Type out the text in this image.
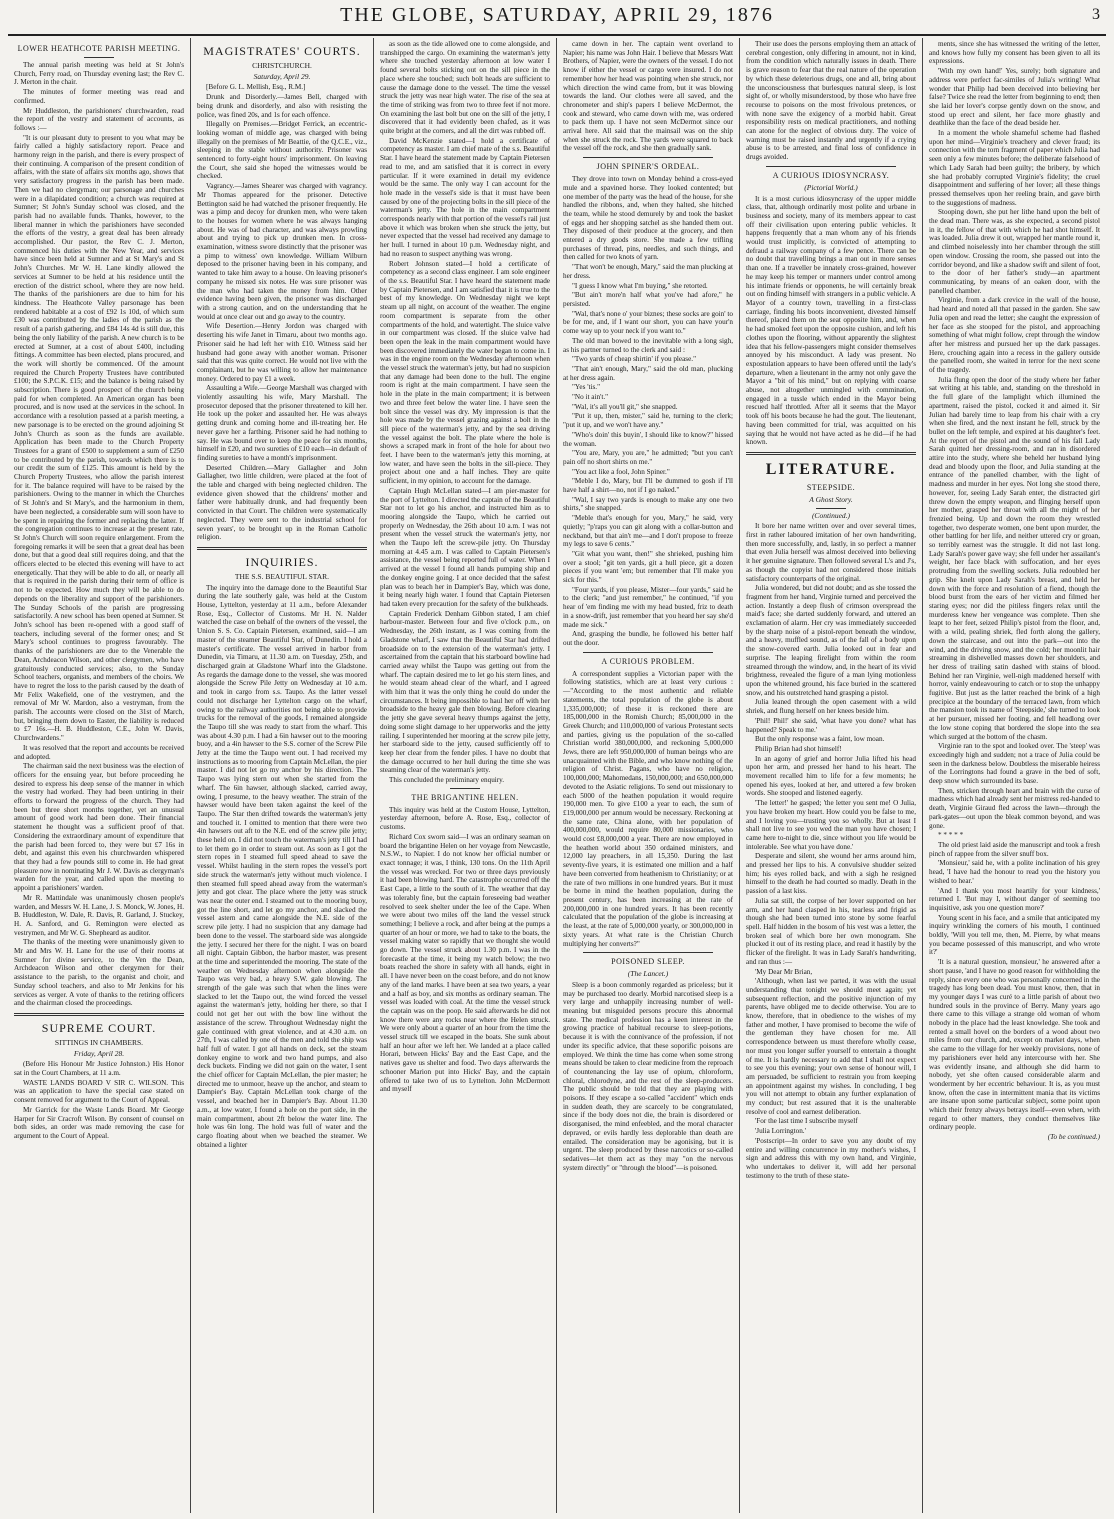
THE GLOBE, SATURDAY, APRIL 29, 1876	3
LOWER HEATHCOTE PARISH MEETING.

The annual parish meeting was held at St John's Church, Ferry road, on Thursday evening last; the Rev C. J. Merton in the chair.

The minutes of former meeting was read and confirmed.

Mr Huddleston, the parishioners' churchwarden, read the report of the vestry and statement of accounts, as follows :—

"It is our pleasant duty to present to you what may be fairly called a highly satisfactory report. Peace and harmony reign in the parish, and there is every prospect of their continuing. A comparison of the present condition of affairs, with the state of affairs six months ago, shows that very satisfactory progress in the parish has been made. Then we had no clergyman; our parsonage and churches were in a dilapidated condition; a church was required at Sumner; St John's Sunday school was closed, and the parish had no available funds. Thanks, however, to the liberal manner in which the parishioners have seconded the efforts of the vestry, a great deal has been already accomplished. Our pastor, the Rev C. J. Merton, commenced his duties with the New Year, and services have since been held at Sumner and at St Mary's and St John's Churches. Mr W. H. Lane kindly allowed the services at Sumner to be held at his residence until the erection of the district school, where they are now held. The thanks of the parishioners are due to him for his kindness. The Heathcote Valley parsonage has been rendered habitable at a cost of £92 1s 10d, of which sum £30 was contributed by the ladies of the parish as the result of a parish gathering, and £84 14s 4d is still due, this being the only liability of the parish. A new church is to be erected at Sumner, at a cost of about £400, including fittings. A committee has been elected, plans procured, and the work will shortly be commenced. Of the amount required the Church Property Trustees have contributed £100; the S.P.C.K. £15; and the balance is being raised by subscription. There is good prospect of the church being paid for when completed. An American organ has been procured, and is now used at the services in the school. In accordance with a resolution passed at a parish meeting, a new parsonage is to be erected on the ground adjoining St John's Church as soon as the funds are available. Application has been made to the Church Property Trustees for a grant of £500 to supplement a sum of £250 to be contributed by the parish, towards which there is to our credit the sum of £125. This amount is held by the Church Property Trustees, who allow the parish interest for it. The balance required will have to be raised by the parishioners. Owing to the manner in which the Churches of St John's and St Mary's, and the harmonium in them, have been neglected, a considerable sum will soon have to be spent in repairing the former and replacing the latter. If the congregation continues to increase at the present rate, St John's Church will soon require enlargement. From the foregoing remarks it will be seen that a great deal has been done, but that a good deal still requires doing, and that the officers elected to be elected this evening will have to act energetically. That they will be able to do all, or nearly all that is required in the parish during their term of office is not to be expected. How much they will be able to do depends on the liberality and support of the parishioners. The Sunday Schools of the parish are progressing satisfactorily. A new school has been opened at Sumner. St John's school has been re-opened with a good staff of teachers, including several of the former ones; and St Mary's school continues to progress favourably. The thanks of the parishioners are due to the Venerable the Dean, Archdeacon Wilson, and other clergymen, who have gratuitously conducted services; also, to the Sunday School teachers, organists, and members of the choirs. We have to regret the loss to the parish caused by the death of Mr Felix Wakefield, one of the vestrymen, and the removal of Mr W. Mardon, also a vestryman, from the parish. The accounts were closed on the 31st of March, but, bringing them down to Easter, the liability is reduced to £7 16s.—H. B. Huddleston, C.E., John W. Davis, Churchwardens."

It was resolved that the report and accounts be received and adopted.

The chairman said the next business was the election of officers for the ensuing year, but before proceeding he desired to express his deep sense of the manner in which the vestry had worked. They had been untiring in their efforts to forward the progress of the church. They had been but three short months together, yet an unusual amount of good work had been done. Their financial statement he thought was a sufficient proof of that. Considering the extraordinary amount of expenditure that the parish had been forced to, they were but £7 16s in debt, and against this even his churchwarden whispered that they had a few pounds still to come in. He had great pleasure now in nominating Mr J. W. Davis as clergyman's warden for the year, and called upon the meeting to appoint a parishioners' warden.

Mr R. Mattindale was unanimously chosen people's warden, and Messrs W. H. Lane, J. S. Monck, W. Jones, H. B. Huddleston, W. Dale, R. Davis, R. Garland, J. Stuckey, H. A. Sanford, and G. Remington were elected as vestrymen, and Mr W. G. Shepheard as auditor.

The thanks of the meeting were unanimously given to Mr and Mrs W. H. Lane for the use of their rooms at Sumner for divine service, to the Ven the Dean, Archdeacon Wilson and other clergymen for their assistance to the parish, to the organist and choir, and Sunday school teachers, and also to Mr Jenkins for his services as verger. A vote of thanks to the retiring officers and the chairman closed the proceedings.

SUPREME COURT.
SITTINGS IN CHAMBERS.
Friday, April 28.

(Before His Honour Mr Justice Johnston.) His Honor sat in the Court Chambers, at 11 a.m.

WASTE LANDS BOARD V SIR C. WILSON. This was an application to have the special case stated on consent removed for argument to the Court of Appeal.

Mr Garrick for the Waste Lands Board. Mr George Harper for Sir Cracroft Wilson. By consent of counsel on both sides, an order was made removing the case for argument to the Court of Appeal.

MAGISTRATES' COURTS.
CHRISTCHURCH.
Saturday, April 29.

[Before G. L. Mellish, Esq., R.M.]

Drunk and Disorderly.—James Bell, charged with being drunk and disorderly, and also with resisting the police, was fined 20s, and 1s for each offence.

Illegally on Premises.—Bridget Ferrick, an eccentric-looking woman of middle age, was charged with being illegally on the premises of Mr Beattie, of the Q.C.E., viz., sleeping in the stable without authority. Prisoner was sentenced to forty-eight hours' imprisonment. On leaving the Court, she said she hoped the witnesses would be checked.

Vagrancy.—James Shearer was charged with vagrancy. Mr Thomas appeared for the prisoner. Detective Bettington said he had watched the prisoner frequently. He was a pimp and decoy for drunken men, who were taken to the houses for women where he was always hanging about. He was of bad character, and was always prowling about and trying to pick up drunken men. In cross-examination, witness swore distinctly that the prisoner was a pimp to witness' own knowledge. William Wilburn deposed to the prisoner having been in his company, and wanted to take him away to a house. On leaving prisoner's company he missed six notes. He was sure prisoner was the man who had taken the money from him. Other evidence having been given, the prisoner was discharged with a strong caution, and on the understanding that he would at once clear out and go away to the country.

Wife Desertion.—Henry Jordon was charged with deserting his wife Janet in Timaru, about two months ago. Prisoner said he had left her with £10. Witness said her husband had gone away with another woman. Prisoner said that this was quite correct. He would not live with the complainant, but he was willing to allow her maintenance money. Ordered to pay £1 a week.

Assaulting a Wife.—George Marshall was charged with violently assaulting his wife, Mary Marshall. The prosecutor deposed that the prisoner threatened to kill her. He took up the poker and assaulted her. He was always getting drunk and coming home and ill-treating her. He never gave her a farthing. Prisoner said he had nothing to say. He was bound over to keep the peace for six months, himself in £20, and two sureties of £10 each—in default of finding sureties to have a month's imprisonment.

Deserted Children.—Mary Gallagher and John Gallagher, two little children, were placed at the foot of the table and charged with being neglected children. The evidence given showed that the childrens' mother and father were habitually drunk, and had frequently been convicted in that Court. The children were systematically neglected. They were sent to the industrial school for seven years', to be brought up in the Roman Catholic religion.

INQUIRIES.
THE S.S. BEAUTIFUL STAR.

The inquiry into the damage done to the Beautiful Star during the late southerly gale, was held at the Custom House, Lyttelton, yesterday at 11 a.m., before Alexander Rose, Esq., Collector of Customs. Mr H. N. Nalder watched the case on behalf of the owners of the vessel, the Union S. S. Co. Captain Pietersen, examined, said—I am master of the steamer Beautiful Star, of Dunedin. I hold a master's certificate. The vessel arrived in harbor from Dunedin, via Timaru, at 11.30 a.m. on Tuesday, 25th, and discharged grain at Gladstone Wharf into the Gladstone. As regards the damage done to the vessel, she was moored alongside the Screw Pile Jetty on Wednesday at 10 a.m. and took in cargo from s.s. Taupo. As the latter vessel could not discharge her Lyttelton cargo on the wharf, owing to the railway authorities not being able to provide trucks for the removal of the goods, I remained alongside the Taupo till she was ready to start from the wharf. This was about 4.30 p.m. I had a 6in hawser out to the mooring buoy, and a 4in hawser to the S.S. corner of the Screw Pile Jetty at the time the Taupo went out. I had received my instructions as to mooring from Captain McLellan, the pier master. I did not let go my anchor by his direction. The Taupo was lying stern out when she started from the wharf. The 6in hawser, although slacked, carried away, owing, I presume, to the heavy weather. The strain of the hawser would have been taken against the keel of the Taupo. The Star then drifted towards the waterman's jetty and touched it. I omitted to mention that there were two 4in hawsers out aft to the N.E. end of the screw pile jetty; these held on. I did not touch the waterman's jetty till I had to let them go in order to steam out. As soon as I got the stern ropes in I steamed full speed ahead to save the vessel. Whilst hauling in the stern ropes the vessel's port side struck the waterman's jetty without much violence. I then steamed full speed ahead away from the waterman's jetty and got clear. The place where the jetty was struck was near the outer end. I steamed out to the mooring buoy, got the line short, and let go my anchor, and slacked the vessel astern and came alongside the N.E. side of the screw pile jetty. I had no suspicion that any damage had been done to the vessel. The starboard side was alongside the jetty. I secured her there for the night. I was on board all night. Captain Gibbon, the harbor master, was present at the time and superintended the mooring. The state of the weather on Wednesday afternoon when alongside the Taupo was very bad, a heavy S.W. gale blowing. The strength of the gale was such that when the lines were slacked to let the Taupo out, the wind forced the vessel against the waterman's jetty, holding her there, so that I could not get her out with the bow line without the assistance of the screw. Throughout Wednesday night the gale continued with great violence, and at 4.30 a.m. on 27th, I was called by one of the men and told the ship was half full of water. I got all hands on deck, set the steam donkey engine to work and two hand pumps, and also deck buckets. Finding we did not gain on the water, I sent the chief officer for Captain McLellan, the pier master; he directed me to unmoor, heave up the anchor, and steam to Dampier's Bay. Captain McLellan took charge of the vessel, and beached her in Dampier's Bay. About 11.30 a.m., at low water, I found a hole on the port side, in the main compartment, about 2ft below the water line. The hole was 6in long. The hold was full of water and the cargo floating about when we beached the steamer. We obtained a lighter

as soon as the tide allowed one to come alongside, and transhipped the cargo. On examining the waterman's jetty where she touched yesterday afternoon at low water I found several bolts sticking out on the sill piece in the place where she touched; such bolt heads are sufficient to cause the damage done to the vessel. The time the vessel struck the jetty was near high water. The rise of the sea at the time of striking was from two to three feet if not more. On examining the last bolt but one on the sill of the jetty, I discovered that it had evidently been chafed, as it was quite bright at the corners, and all the dirt was rubbed off.

David McKenzie stated—I hold a certificate of competency as master. I am chief mate of the s.s. Beautiful Star. I have heard the statement made by Captain Pietersen read to me, and am satisfied that it is correct in every particular. If it were examined in detail my evidence would be the same. The only way I can account for the hole made in the vessel's side is that it must have been caused by one of the projecting bolts in the sill piece of the waterman's jetty. The hole in the main compartment corresponds nearly with that portion of the vessel's rail just above it which was broken when she struck the jetty, but never expected that the vessel had received any damage to her hull. I turned in about 10 p.m. Wednesday night, and had no reason to suspect anything was wrong.

Robert Johnson stated—I hold a certificate of competency as a second class engineer. I am sole engineer of the s.s. Beautiful Star. I have heard the statement made by Captain Pietersen, and I am satisfied that it is true to the best of my knowledge. On Wednesday night we kept steam up all night, on account of the weather. The engine room compartment is separate from the other compartments of the hold, and watertight. The sluice valve in our compartment was closed. If the sluice valve had been open the leak in the main compartment would have been discovered immediately the water began to come in. I was in the engine room on the Wednesday afternoon when the vessel struck the waterman's jetty, but had no suspicion that any damage had been done to the hull. The engine room is right at the main compartment. I have seen the hole in the plate in the main compartment; it is between two and three feet below the water line. I have seen the bolt since the vessel was dry. My impression is that the hole was made by the vessel grazing against a bolt in the sill piece of the waterman's jetty, and by the sea driving the vessel against the bolt. The plate where the hole is shows a scraped mark in front of the hole for about two feet. I have been to the waterman's jetty this morning, at low water, and have seen the bolts in the sill-piece. They project about one and a half inches. They are quite sufficient, in my opinion, to account for the damage.

Captain Hugh McLellan stated—I am pier-master for the port of Lyttelton. I directed the captain of the Beautiful Star not to let go his anchor, and instructed him as to mooring alongside the Taupo, which he carried out properly on Wednesday, the 26th about 10 a.m. I was not present when the vessel struck the waterman's jetty, nor when the Taupo left the screw-pile jetty. On Thursday morning at 4.45 a.m. I was called to Captain Pietersen's assistance, the vessel being reported full of water. When I arrived at the vessel I found all hands pumping ship and the donkey engine going. I at once decided that the safest plan was to beach her in Dampier's Bay, which was done, it being nearly high water. I found that Captain Pietersen had taken every precaution for the safety of the bulkheads.

Captain Frederick Denham Gibbon stated, I am chief harbour-master. Between four and five o'clock p.m., on Wednesday, the 26th instant, as I was coming from the Gladstone wharf, I saw that the Beautiful Star had drifted broadside on to the extension of the waterman's jetty. I ascertained from the captain that his starboard bowline had carried away whilst the Taupo was getting out from the wharf. The captain desired me to let go his stern lines, and he would steam ahead clear of the wharf, and I agreed with him that it was the only thing he could do under the circumstances. It being impossible to haul her off with her broadside to the heavy gale then blowing. Before clearing the jetty she gave several heavy thumps against the jetty, doing some slight damage to her upperworks and the jetty railing. I superintended her mooring at the screw pile jetty, her starboard side to the jetty, caused sufficiently off to keep her clear from the fender piles. I have no doubt that the damage occurred to her hull during the time she was steaming clear of the waterman's jetty.

This concluded the preliminary enquiry.

THE BRIGANTINE HELEN.

This inquiry was held at the Custom House, Lyttelton, yesterday afternoon, before A. Rose, Esq., collector of customs.

Richard Cox sworn said—I was an ordinary seaman on board the brigantine Helen on her voyage from Newcastle, N.S.W., to Napier. I do not know her official number or exact tonnage; it was, I think, 130 tons. On the 11th April the vessel was wrecked. For two or three days previously it had been blowing hard. The catastrophe occurred off the East Cape, a little to the south of it. The weather that day was tolerably fine, but the captain foreseeing bad weather resolved to seek shelter under the lee of the Cape. When we were about two miles off the land the vessel struck something; I believe a rock, and after being at the pumps a quarter of an hour or more, we had to take to the boats, the vessel making water so rapidly that we thought she would go down. The vessel struck about 1.30 p.m. I was in the forecastle at the time, it being my watch below; the two boats reached the shore in safety with all hands, eight in all. I have never been on the coast before, and do not know any of the land marks. I have been at sea two years, a year and a half as boy, and six months as ordinary seaman. The vessel was loaded with coal. At the time the vessel struck the captain was on the poop. He said afterwards he did not know there were any rocks near where the Helen struck. We were only about a quarter of an hour from the time the vessel struck till we escaped in the boats. She sunk about half an hour after we left her. We landed at a place called Horari, between Hicks' Bay and the East Cape, and the natives gave us shelter and food. Two days afterwards the schooner Marion put into Hicks' Bay, and the captain offered to take two of us to Lyttelton. John McDermott and myself

came down in her. The captain went overland to Napier; his name was John Hair. I believe that Messrs Watt Brothers, of Napier, were the owners of the vessel. I do not know if either the vessel or cargo were insured. I do not remember how her head was pointing when she struck, nor which direction the wind came from, but it was blowing towards the land. Our clothes were all saved, and the chronometer and ship's papers I believe McDermot, the cook and steward, who came down with me, was ordered to pack them up. I have not seen McDermot since our arrival here. All said that the mainsail was on the ship when she struck the rock. The yards were squared to back the vessel off the rock, and she then gradually sank.

JOHN SPINER'S ORDEAL.

They drove into town on Monday behind a cross-eyed mule and a spavined horse. They looked contented; but one member of the party was the head of the house, for she handled the ribbons, and, when they halted, she hitched the team, while he stood demurely by and took the basket of eggs and her shopping satchel as she handed them out. They disposed of their produce at the grocery, and then entered a dry goods store. She made a few trifling purchases of thread, pins, needles, and such things, and then called for two knots of yarn.

"That won't be enough, Mary," said the man plucking at her dress.

"I guess I know what I'm buying," she retorted.

"But ain't more'n half what you've had afore," he persisted.

"Wal, that's none o' your biznes; these socks are goin' to be for me, and, if I want our short, you can have your'n come way up to your neck if you want to."

The old man bowed to the inevitable with a long sigh, as his partner turned to the clerk and said :

"Two yards of cheap shirtin' if you please."

"That ain't enough, Mary," said the old man, plucking at her dress again.

"Yes 'tis."

"No it ain't."

"Wal, it's all you'll git," she snapped.

"Put it up, then, mister," said he, turning to the clerk; "put it up, and we won't have any."

"Who's doin' this buyin', I should like to know?" hissed the woman.

"You are, Mary, you are," he admitted; "but you can't pain off no short shirts on me."

"You act like a fool, John Spiner."

"Meble I do, Mary, but I'll be dummed to gosh if I'll have half a shirt—no, not if I go naked."

"Wal, I say two yards is enough to make any one two shirts," she snapped.

"Meble that's enough for you, Mary," he said, very quietly; "p'raps you can git along with a collar-button and neckband, but that ain't me—and I don't propose to freeze my legs to save 6 cents."

"Git what you want, then!" she shrieked, pushing him over a stool; "git ten yards, git a hull piece, git a dozen pieces if you want 'em; but remember that I'll make you sick for this."

"Four yards, if you please, Mister—four yards," said he to the clerk; "and just remember," he continued, "if you hear of 'em finding me with my head busted, friz to death in a snow-drift, just remember that you heard her say she'd made me sick."

And, grasping the bundle, he followed his better half out the door.

A CURIOUS PROBLEM.

A correspondent supplies a Victorian paper with the following statistics, which are at least very curious :—"According to the most authentic and reliable statements, the total population of the globe is about 1,335,000,000; of these it is reckoned there are 185,000,000 in the Romish Church; 85,000,000 in the Greek Church; and 110,000,000 of various Protestant sects and parties, giving us the population of the so-called Christian world 380,000,000, and reckoning 5,000,000 Jews, there are left 950,000,000 of human beings who are unacquainted with the Bible, and who know nothing of the religion of Christ. Pagans, who have no religion, 100,000,000; Mahomedans, 150,000,000; and 650,000,000 devoted to the Asiatic religions. To send out missionary to each 5000 of the heathen population it would require 190,000 men. To give £100 a year to each, the sum of £19,000,000 per annum would be necessary. Reckoning at the same rate, China alone, with her population of 400,000,000, would require 80,000 missionaries, who would cost £8,000,000 a year. There are now employed in the heathen world about 350 ordained ministers, and 12,000 lay preachers, in all 15,350. During the last seventy-five years, it is estimated one million and a half have been converted from heathenism to Christianity; or at the rate of two millions in one hundred years. But it must be borne in mind the heathen population, during the present century, has been increasing at the rate of 200,000,000 in one hundred years. It has been recently calculated that the population of the globe is increasing at the least, at the rate of 5,000,000 yearly, or 300,000,000 in sixty years. At what rate is the Christian Church multiplying her converts?"

POISONED SLEEP.
(The Lancet.)

Sleep is a boon commonly regarded as priceless; but it may be purchased too dearly. Morbid narcotised sleep is a very large and unhappily increasing number of well-meaning but misguided persons procure this abnormal state. The medical profession has a keen interest in the growing practice of habitual recourse to sleep-potions, because it is with the connivance of the profession, if not under its specific advice, that these soporific poisons are employed. We think the time has come when some strong means should be taken to clear medicine from the reproach of countenancing the lay use of opium, chloroform, chloral, chlorodyne, and the rest of the sleep-producers. The public should be told that they are playing with poisons. If they escape a so-called "accident" which ends in sudden death, they are scarcely to be congratulated, since if the body does not die, the brain is disordered or disorganised, the mind enfeebled, and the moral character depraved, or evils hardly less deplorable than death are entailed. The consideration may be agonising, but it is urgent. The sleep produced by these narcotics or so-called sedatives—let them act as they may "on the nervous system directly" or "through the blood"—is poisoned.

Their use does the persons employing them an attack of cerebral congestion, only differing in amount, not in kind, from the condition which naturally issues in death. There is grave reason to fear that the real nature of the operation by which these deleterious drugs, one and all, bring about the unconsciousness that burlesques natural sleep, is lost sight of, or wholly misunderstood, by those who have free recourse to poisons on the most frivolous pretences, or with none save the exigency of a morbid habit. Great responsibility rests on medical practitioners, and nothing can atone for the neglect of obvious duty. The voice of warning must be raised instantly and urgently if a crying abuse is to be arrested, and final loss of confidence in drugs avoided.

A CURIOUS IDIOSYNCRASY.
(Pictorial World.)

It is a most curious idiosyncrasy of the upper middle class, that, although ordinarily most polite and urbane in business and society, many of its members appear to cast off their civilisation upon entering public vehicles. It happens frequently that a man whom any of his friends would trust implicitly, is convicted of attempting to defraud a railway company of a few pence. There can be no doubt that travelling brings a man out in more senses than one. If a traveller be innately cross-grained, however he may keep his temper or manners under control among his intimate friends or opponents, he will certainly break out on finding himself with strangers in a public vehicle. A Mayor of a country town, travelling in a first-class carriage, finding his boots inconvenient, divested himself thereof, placed them on the seat opposite him, and, when he had smoked feet upon the opposite cushion, and left his clothes upon the flooring, without apparently the slightest idea that his fellow-passengers might consider themselves annoyed by his misconduct. A lady was present. No expostulation appears to have been offered until the lady's departure, when a lieutenant in the army not only gave the Mayor a "bit of his mind," but on replying with coarse abuse, not altogether unmingled with commination, engaged in a tussle which ended in the Mayor being rescued half throttled. After all it seems that the Mayor took off his boots because he had the gout. The lieutenant, having been committed for trial, was acquitted on his saying that he would not have acted as he did—if he had known.

LITERATURE.
STEEPSIDE.
A Ghost Story.
(Continued.)

It bore her name written over and over several times, first in rather laboured imitation of her own handwriting, then more successfully, and, lastly, in so perfect a manner that even Julia herself was almost deceived into believing it her genuine signature. Then followed several L's and J's, as though the copyist had not considered those initials satisfactory counterparts of the original.

Julia wondered, but did not doubt; and as she tossed the fragment from her hand, Virginie turned and perceived the action. Instantly a deep flush of crimson overspread the maid's face; she darted suddenly forward, and uttered an exclamation of alarm. Her cry was immediately succeeded by the sharp noise of a pistol-report beneath the window, and a heavy, muffled sound, as of the fall of a body upon the snow-covered earth. Julia looked out in fear and surprise. The leaping firelight from within the room streamed through the window, and, in the heart of its vivid brightness, revealed the figure of a man lying motionless upon the whitened ground, his face buried in the scattered snow, and his outstretched hand grasping a pistol.

Julia leaned through the open casement with a wild shriek, and flung herself on her knees beside him.

'Phil! Phil!' she said, 'what have you done? what has happened? Speak to me.'

But the only response was a faint, low moan.

Philip Brian had shot himself!

In an agony of grief and horror Julia lifted his head upon her arm, and pressed her hand to his heart. The movement recalled him to life for a few moments; he opened his eyes, looked at her, and uttered a few broken words. She stooped and listened eagerly.

'The letter!' he gasped; 'the letter you sent me! O Julia, you have broken my heart. How could you be false to me, and I loving you—trusting you so wholly. But at least I shall not live to see you wed the man you have chosen; I came here to-night to die, since without you life would be intolerable. See what you have done.'

Desperate and silent, she wound her arms around him, and pressed her lips to his. A convulsive shudder seized him; his eyes rolled back, and with a sigh he resigned himself to the death he had courted so madly. Death in the passion of a last kiss.

Julia sat still, the corpse of her lover supported on her arm, and her hand clasped in his, tearless and frigid as though she had been turned into stone by some fearful spell. Half hidden in the bosom of his vest was a letter, the broken seal of which bore her own monogram. She plucked it out of its resting place, and read it hastily by the flicker of the firelight. It was in Lady Sarah's handwriting, and ran thus :—

'My Dear Mr Brian,

'Although, when last we parted, it was with the usual understanding that tonight we should meet again; yet subsequent reflection, and the positive injunction of my parents, have obliged me to decide otherwise. You are to know, therefore, that in obedience to the wishes of my father and mother, I have promised to become the wife of the gentleman they have chosen for me. All correspondence between us must therefore wholly cease, nor must you longer suffer yourself to entertain a thought of me. It is hardly necessary to add that I shall not expect to see you this evening; your own sense of honour will, I am persuaded, be sufficient to restrain you from keeping an appointment against my wishes. In concluding, I beg you will not attempt to obtain any further explanation of my conduct; but rest assured that it is the unalterable resolve of cool and earnest deliberation.

'For the last time I subscribe myself

'Julia Lorrington.'

'Postscript—In order to save you any doubt of my entire and willing concurrence in my mother's wishes, I sign and address this with my own hand, and Virginie, who undertakes to deliver it, will add her personal testimony to the truth of these state-

ments, since she has witnessed the writing of the letter, and knows how fully my consent has been given to all its expressions.

'With my own hand!' Yes, surely; both signature and address were perfect fac-similes of Julia's writing! What wonder that Philip had been deceived into believing her false? Twice she read the letter from beginning to end; then she laid her lover's corpse gently down on the snow, and stood up erect and silent, her face more ghastly and deathlike than the face of the dead beside her.

In a moment the whole shameful scheme had flashed upon her mind—Virginie's treachery and clever fraud; its connection with the torn fragment of paper which Julia had seen only a few minutes before; the deliberate falsehood of which Lady Sarah had been guilty; the bribery, by which she had probably corrupted Virginie's fidelity; the cruel disappointment and suffering of her lover; all these things pressed themselves upon her reeling brain, and gave birth to the suggestions of madness.

Stooping down, she put her lithe hand upon the belt of the dead man. There was, as she expected, a second pistol in it, the fellow of that with which he had shot himself. It was loaded. Julia drew it out, wrapped her mantle round it, and climbed noiselessly into her chamber through the still open window. Crossing the room, she passed out into the corridor beyond, and like a shadow swift and silent of foot, to the door of her father's study—an apartment communicating, by means of an oaken door, with the panelled chamber.

Virginie, from a dark crevice in the wall of the house, had heard and noted all that passed in the garden. She saw Julia open and read the letter; she caught the expression of her face as she stooped for the pistol, and approaching something of what might follow, crept through the window after her mistress and pursued her up the dark passages. Here, crouching again into a recess in the gallery outside the panelled room, she waited in terror for the next scene of the tragedy.

Julia flung open the door of the study where her father sat writing at his table, and, standing on the threshold in the full glare of the lamplight which illumined the apartment, raised the pistol, cocked it and aimed it. Sir Julian had barely time to leap from his chair with a cry when she fired, and the next instant he fell, struck by the bullet on the left temple, and expired at his daughter's feet. At the report of the pistol and the sound of his fall Lady Sarah quitted her dressing-room, and ran in disordered attire into the study, where she beheld her husband lying dead and bloody upon the floor, and Julia standing at the entrance of the panelled chamber, with the light of madness and murder in her eyes. Not long she stood there, however, for, seeing Lady Sarah enter, the distracted girl threw down the empty weapon, and flinging herself upon her mother, grasped her throat with all the might of her frenzied being. Up and down the room they wrestled together, two desperate women, one bent upon murder, the other battling for her life, and neither uttered cry or groan, so terribly earnest was the struggle. It did not last long. Lady Sarah's power gave way; she fell under her assailant's weight, her face black with suffocation, and her eyes protruding from the swelling sockets. Julia redoubled her grip. She knelt upon Lady Sarah's breast, and held her down with the force and resolution of a fiend, though the blood burst from the ears of her victim and filmed her staring eyes; nor did the pitiless fingers relax until the murderess knew her vengeance was complete. Then she leapt to her feet, seized Philip's pistol from the floor, and, with a wild, pealing shriek, fled forth along the gallery, down the staircase, and out into the park—out into the wind, and the driving snow, and the cold; her moonlit hair streaming in dishevelled masses down her shoulders, and her dress of trailing satin dashed with stains of blood. Behind her ran Virginie, well-nigh maddened herself with horror, vainly endeavouring to catch or to stop the unhappy fugitive. But just as the latter reached the brink of a high precipice at the boundary of the terraced lawn, from which the mansion took its name of 'Steepside,' she turned to look at her pursuer, missed her footing, and fell headlong over the low stone coping that bordered the slope into the sea which surged at the bottom of the chasm.

Virginie ran to the spot and looked over. The 'steep' was exceedingly high and sudden; not a trace of Julia could be seen in the darkness below. Doubtless the miserable heiress of the Lorringtons had found a grave in the bed of soft, deep snow which surrounded its base.

Then, stricken through heart and brain with the curse of madness which had already sent her mistress red-handed to death, Virginie Giraud fled across the lawn—through the park-gates—out upon the bleak common beyond, and was gone.

* * * * *

The old priest laid aside the manuscript and took a fresh pinch of rappee from the silver snuff box.

'Monsieur,' said he, with a polite inclination of his grey head, 'I have had the honour to read you the history you wished to hear.'

'And I thank you most heartily for your kindness,' returned I. 'But may I, without danger of seeming too inquisitive, ask you one question more?'

Young scent in his face, and a smile that anticipated my inquiry wrinkling the corners of his mouth, I continued boldly, 'Will you tell me, then, M. Pierre, by what means you became possessed of this manuscript, and who wrote it?'

'It is a natural question, monsieur,' he answered after a short pause, 'and I have no good reason for withholding the reply, since every one who was personally concerned in the tragedy has long been dead. You must know, then, that in my younger days I was curé to a little parish of about two hundred souls in the province of Berry. Many years ago there came to this village a strange old woman of whom nobody in the place had the least knowledge. She took and rented a small hovel on the borders of a wood about two miles from our church, and, except on market days, when she came to the village for her weekly provisions, none of my parishioners ever held any intercourse with her. She was evidently insane, and although she did harm to nobody, yet she often caused considerable alarm and wonderment by her eccentric behaviour. It is, as you must know, often the case in intermittent mania that its victims are insane upon some particular subject, some point upon which their frenzy always betrays itself—even when, with regard to other matters, they conduct themselves like ordinary people.

(To be continued.)
